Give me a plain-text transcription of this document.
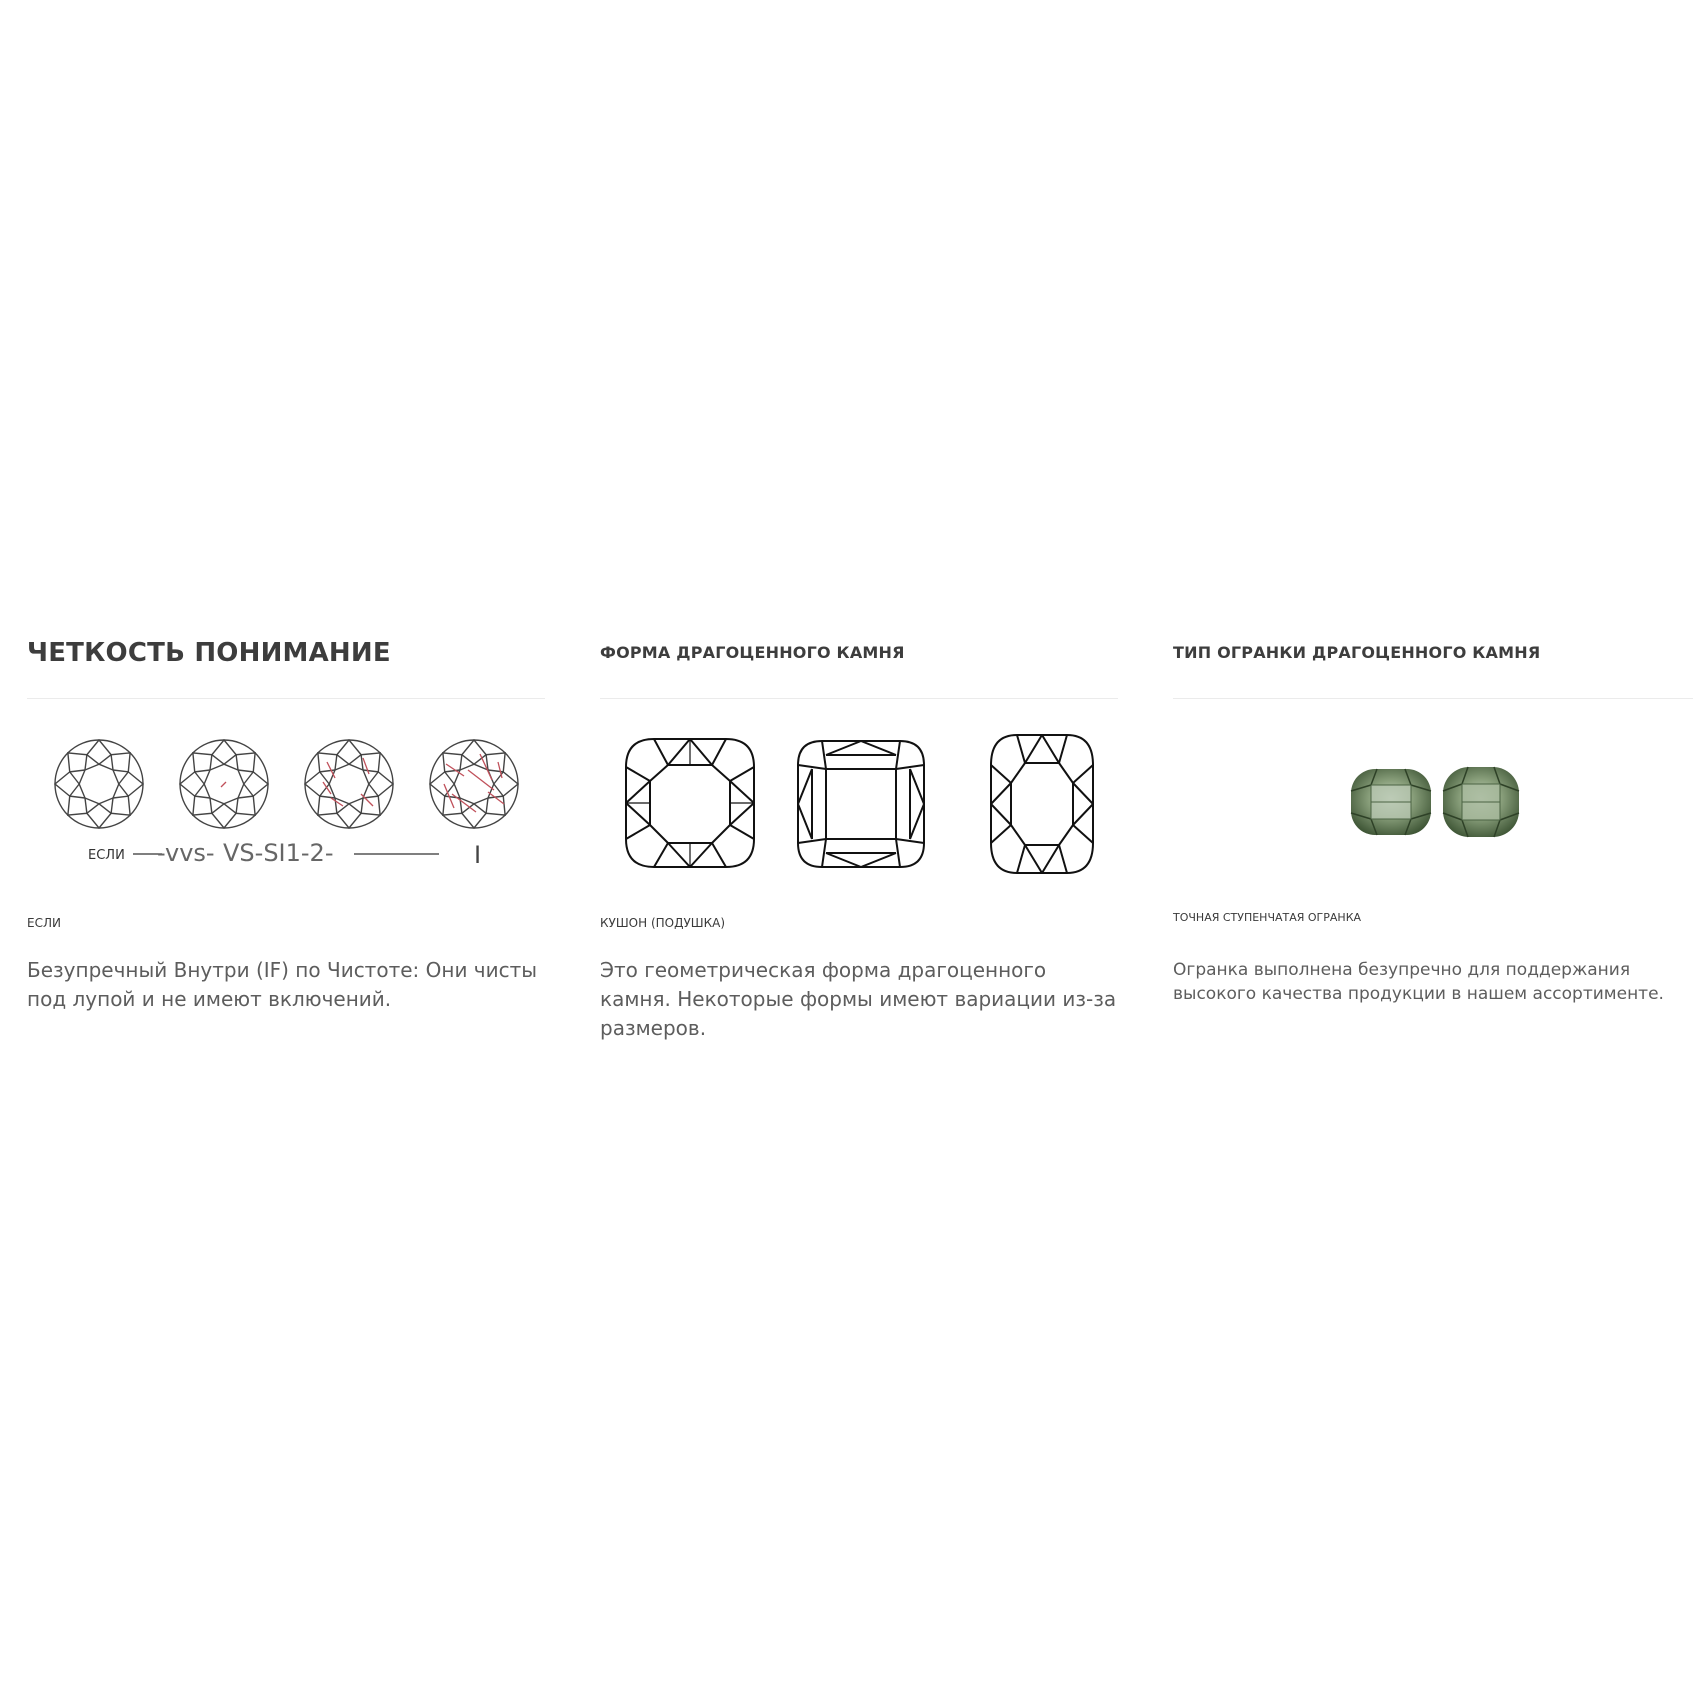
ЧЕТКОСТЬ ПОНИМАНИЕ
ЕСЛИ -vvs- VS-SI1-2-	I
ЕСЛИ

Безупречный Внутри (IF) по Чистоте: Они чисты под лупой и не имеют включений.

ФОРМА ДРАГОЦЕННОГО КАМНЯ
КУШОН (ПОДУШКА)

Это геометрическая форма драгоценного камня. Некоторые формы имеют вариации из-за размеров.

ТИП ОГРАНКИ ДРАГОЦЕННОГО КАМНЯ
ТОЧНАЯ СТУПЕНЧАТАЯ ОГРАНКА

Огранка выполнена безупречно для поддержания высокого качества продукции в нашем ассортименте.
